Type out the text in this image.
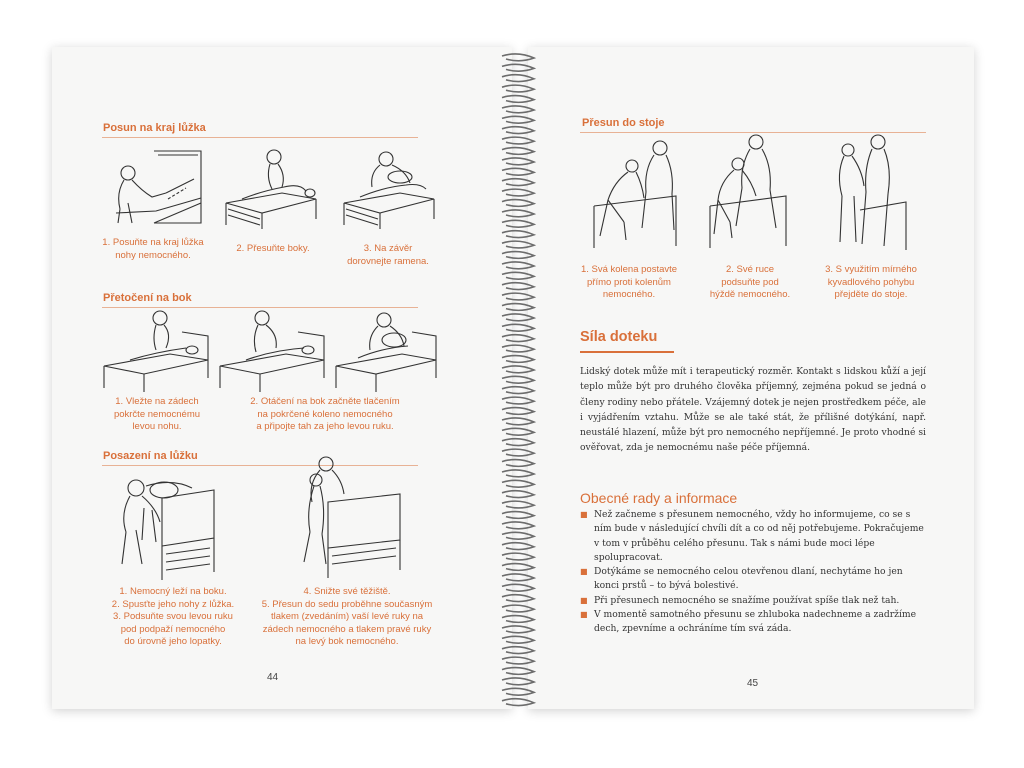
Posun na kraj lůžka
1. Posuňte na kraj lůžka
nohy nemocného.
2. Přesuňte boky.	3. Na závěr
dorovnejte ramena.
Přetočení na bok
1. Vležte na zádech
pokrčte nemocnému
levou nohu.
2. Otáčení na bok začněte tlačením
na pokrčené koleno nemocného
a připojte tah za jeho levou ruku.
Posazení na lůžku
1. Nemocný leží na boku.
2. Spusťte jeho nohy z lůžka.
3. Podsuňte svou levou ruku
pod podpaží nemocného
do úrovně jeho lopatky.
4. Snižte své těžiště.
5. Přesun do sedu proběhne současným
tlakem (zvedáním) vaší levé ruky na
zádech nemocného a tlakem pravé ruky
na levý bok nemocného.
44
Přesun do stoje
1. Svá kolena postavte
přímo proti kolenům
nemocného.
2. Své ruce
podsuňte pod
hýždě nemocného.
3. S využitím mírného
kyvadlového pohybu
přejděte do stoje.
Síla doteku

Lidský dotek může mít i terapeutický rozměr. Kontakt s lidskou kůží a její teplo může být pro druhého člověka příjemný, zejména pokud se jedná o členy rodiny nebo přátele. Vzájemný dotek je nejen prostředkem péče, ale i vyjádřením vztahu. Může se ale také stát, že přílišné dotýkání, např. neustálé hlazení, může být pro nemocného nepříjemné. Je proto vhodné si ověřovat, zda je nemocnému naše péče příjemná.

Obecné rady a informace
■ Než začneme s přesunem nemocného, vždy ho informujeme, co se s ním bude v následující chvíli dít a co od něj potřebujeme. Pokračujeme v tom v průběhu celého přesunu. Tak s námi bude moci lépe spolupracovat.
■ Dotýkáme se nemocného celou otevřenou dlaní, nechytáme ho jen konci prstů – to bývá bolestivé.
■ Při přesunech nemocného se snažíme používat spíše tlak než tah.
■ V momentě samotného přesunu se zhluboka nadechneme a zadržíme dech, zpevníme a ochráníme tím svá záda.
45
